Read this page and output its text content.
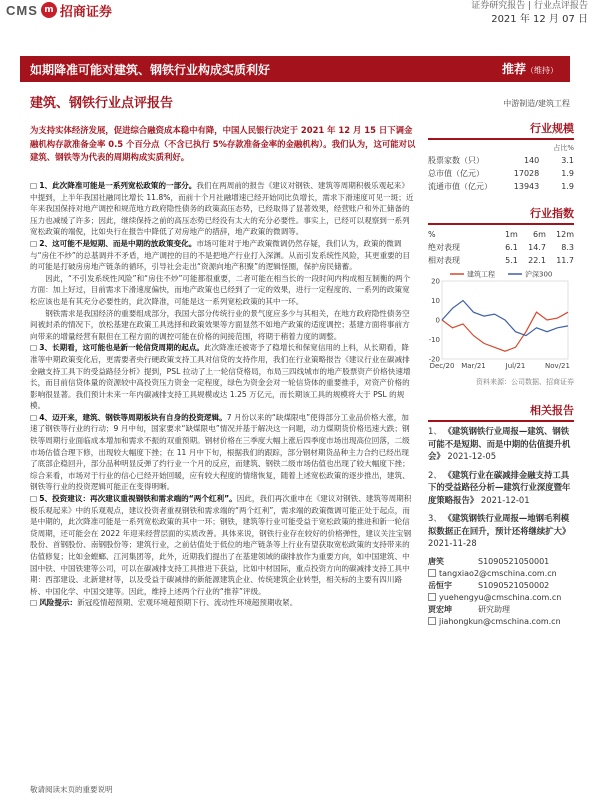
CMS m 招商证券	证券研究报告 | 行业点评报告
2021 年 12 月 07 日
如期降准可能对建筑、钢铁行业构成实质利好	推荐（维持）
建筑、钢铁行业点评报告	中游制造/建筑工程
为支持实体经济发展，促进综合融资成本稳中有降，中国人民银行决定于 2021 年 12 月 15 日下调金融机构存款准备金率 0.5 个百分点（不含已执行 5%存款准备金率的金融机构）。我们认为，这可能对以建筑、钢铁等为代表的周期构成实质利好。

□ 1、此次降准可能是一系列宽松政策的一部分。我们在两周前的报告《建议对钢铁、建筑等周期积极乐观起来》中提到，上半年我国社融同比增长 11.8%，而前十个月社融增速已经开始同比负增长，需求下滑速度可见一斑；近年来我国保持对地产调控和规范地方政府隐性债务的政策高压态势，已经取得了显著效果，经营账户和外汇储备的压力也减缓了许多；因此，继续保持之前的高压态势已经没有太大的充分必要性。事实上，已经可以观察到一系列宽松政策的端倪，比如央行在报告中降低了对房地产的措辞，地产政策的微调等。

□ 2、这可能不是短期、而是中期的放政策变化。市场可能对于地产政策微调仍然存疑，我们认为，政策的微调与“房住不炒”的总基调并不矛盾，地产调控的目的不是把地产行业打入深渊。从而引发系统性风险，其更重要的目的可能是打破房房地产链条的循环，引导社会走出“资源向地产积聚”的逻辑怪圈，保护房民储蓄。

因此，“不引发系统性风险”和“房住不炒”可能都很重要，二者可能在相当长的一段时间内构成相互制衡的两个方面：加上好过，目前需求下滑速度偏快，而地产政策也已经到了一定的效果，进行一定程度的、一系列的政策宽松应该也是有其充分必要性的，此次降准，可能是这一系列宽松政策的其中一环。

钢铁需求是我国经济的重要组成部分，我国大部分传统行业的景气度应多少与其相关，在地方政府隐性债务空间被封杀的情况下，放松基建在政策工具选择和政策效果等方面显然不如地产政策的适度调控；基建方面将事前方向带来的增量经营有限但在工程方面的调控可能在价格的间接范围，将期于稍着力度的调整。

□ 3、长期看，这可能也是新一轮信贷周期的起点。此次降准还被寄予了稳增长和保宽信用的上料，从长期看，降准等中期政策变化后，更需要者央行硬政策支持工具对信贷的支持作用，我们在行业策略报告《建议行业在碳减排金融支持工具下的受益路径分析》提到，PSL 拉动了上一轮信贷格局，布局三四线城市的地产股票资产价格快速增长，而目前信贷体量的资源较中高投资压力资金一定程度，绿色为资金会对一轮信贷体的重要推手，对资产价格的影响很显著。我们预计未来一年内碳减排支持工具规模或达 1.25 万亿元，而长期该工具的规模将大于 PSL 的规模。

□ 4、迈开来，建筑、钢铁等周期板块有自身的投资逻辑。7 月份以来的“缺煤限电”使得部分工业品价格大涨，加速了钢铁等行业的行动；9 月中旬，国家要求“缺煤限电”情况并基于解决这一问题，动力煤期货价格迅速大跌；钢铁等周期行业面临成本增加和需求不振的双重预期。钢材价格在三季度大幅上涨后四季度市场出现高位回落，二级市场估值合理下修，出现较大幅度下挫；在 11 月中下旬，根据我们的跟踪，部分钢材期货品种主力合约已经出现了底部企稳回升，部分品种明显反弹了约行业一个月的反应，而建筑、钢铁二级市场估值也出现了较大幅度下挫；综合来看，市场对于行业的信心已经开始回暖，应有较大程度的情绪恢复，随着上述宽松政策的逐步推出，建筑、钢铁等行业的投资逻辑可能正在变得明晰。

□ 5、投资建议：再次建议重视钢铁和需求端的“两个红利”。因此，我们再次重申在《建议对钢铁、建筑等周期积极乐观起来》中的乐观观点，建议投资者重视钢铁和需求端的“两个红利”，需求端的政策微调可能正处于起点，而是中期的，此次降准可能是一系列宽松政策的其中一环；钢铁，建筑等行业可能受益于宽松政策的推进和新一轮信贷周期，还可能会在 2022 年迎来经营层面的实质改善。具体来说，钢铁行业存在较好的价格弹性，建议关注宝钢股份、首钢股份、南钢股份等；建筑行业，之前估值处于低位的地产链条等上行业有望获取宽松政策的支持带来的估值修复；比如金螳螂、江河集团等，此外，近期我们提出了在基建领域的碳排放作为重要方向，如中国建筑、中国中铁、中国铁建等公司，可以在碳减排支持工具推进下获益，比如中材国际，重点投资方向的碳减排支持工具中期：西部建设、北新建材等，以及受益于碳减排的新能源建筑企业、传统建筑企业转型，相关标的主要有四川路桥、中国化学、中国交建等。因此，维持上述两个行业的“推荐”评级。

□ 风险提示：新冠疫情超预期、宏观环境超预期下行、流动性环境超预期收紧。

行业规模
占比%
股票家数（只）	140	3.1
总市值（亿元）	17028	1.9
流通市值（亿元）	13943	1.9
行业指数
%	1m	6m	12m
绝对表现	6.1	14.7	8.3
相对表现	5.1	22.1	11.7
20
10
0
-10
-20
Dec/20 Mar/21	Jul/21	Nov/21
建筑工程	沪深300
资料来源：公司数据、招商证券
相关报告
1、 《建筑钢铁行业周报—建筑、钢铁可能不是短期、而是中期的估值提升机会》 2021-12-05
2、 《建筑行业在碳减排金融支持工具下的受益路径分析—建筑行业深度暨年度策略报告》 2021-12-01
3、 《建筑钢铁行业周报—地钢毛利模拟数据正在回升，预计还将继续扩大》 2021-11-28
唐笑	S1090521050001
tangxiao2@cmschina.com.cn
岳恒宇	S1090521050002
yuehengyu@cmschina.com.cn
贾宏坤	研究助理
jiahongkun@cmschina.com.cn
敬请阅读末页的重要说明
